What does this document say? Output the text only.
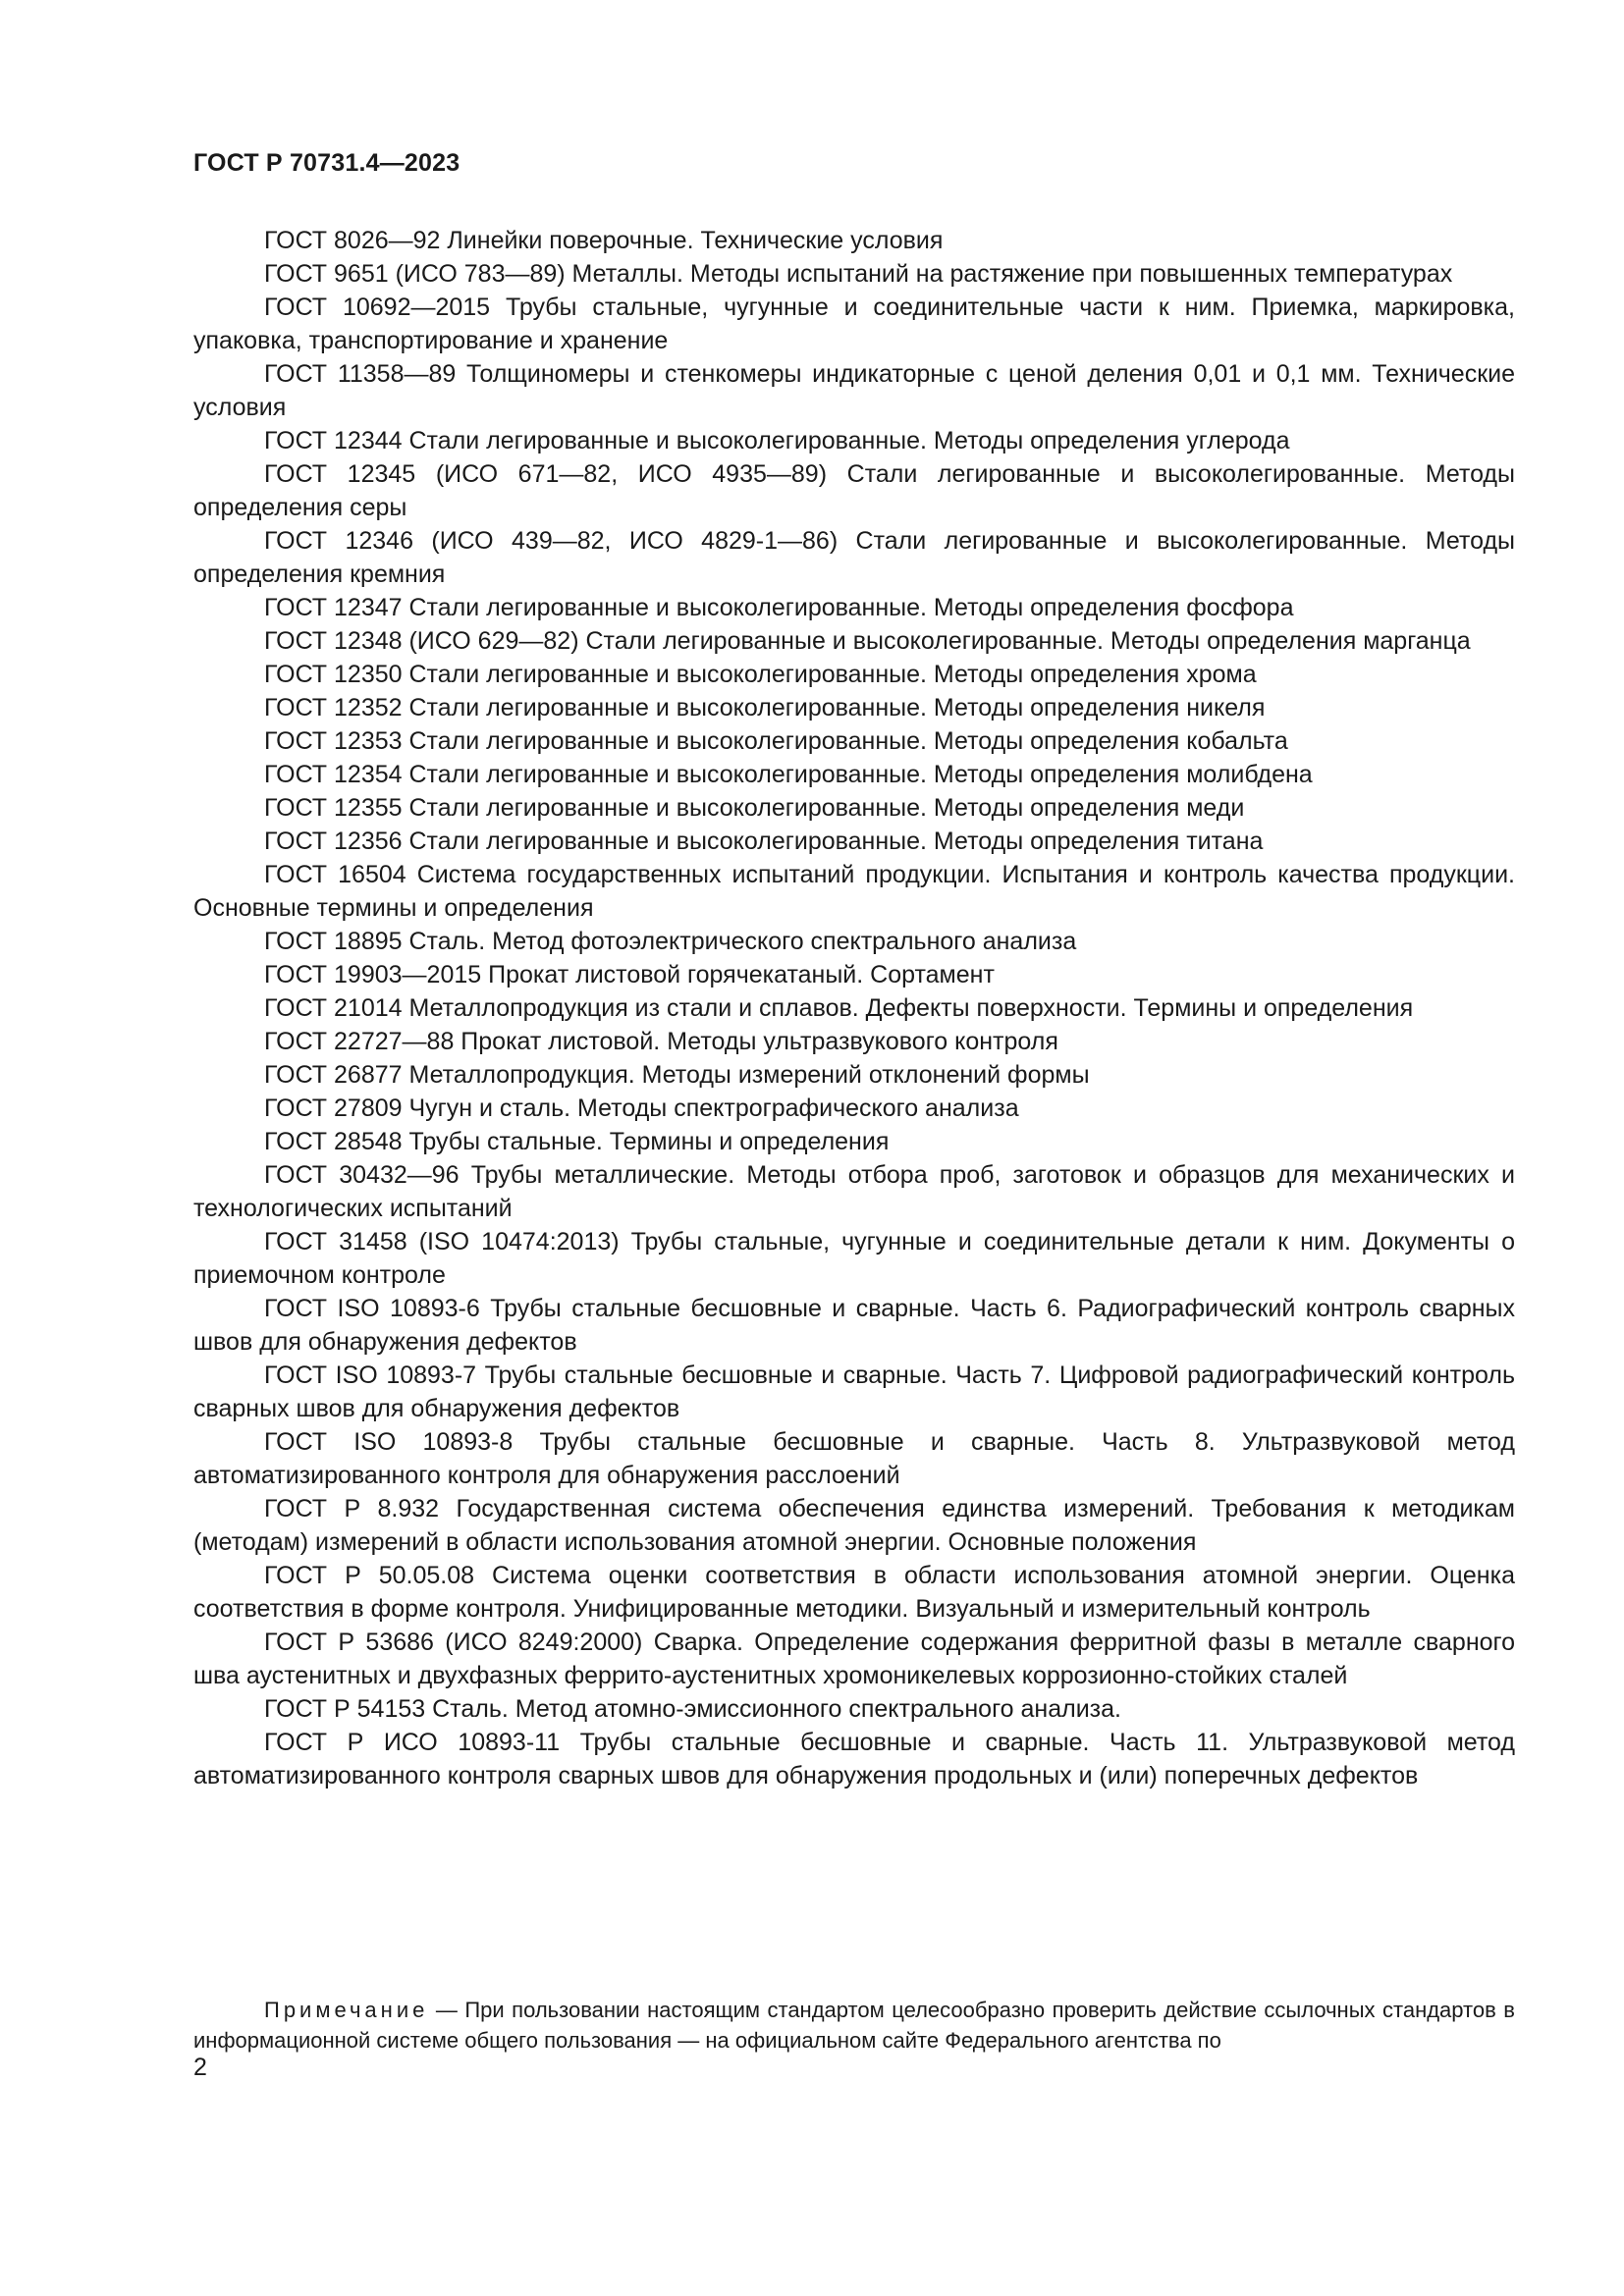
ГОСТ Р 70731.4—2023

ГОСТ 8026—92 Линейки поверочные. Технические условия

ГОСТ 9651 (ИСО 783—89) Металлы. Методы испытаний на растяжение при повышенных температурах

ГОСТ 10692—2015 Трубы стальные, чугунные и соединительные части к ним. Приемка, маркировка, упаковка, транспортирование и хранение

ГОСТ 11358—89 Толщиномеры и стенкомеры индикаторные с ценой деления 0,01 и 0,1 мм. Технические условия

ГОСТ 12344 Стали легированные и высоколегированные. Методы определения углерода

ГОСТ 12345 (ИСО 671—82, ИСО 4935—89) Стали легированные и высоколегированные. Методы определения серы

ГОСТ 12346 (ИСО 439—82, ИСО 4829-1—86) Стали легированные и высоколегированные. Методы определения кремния

ГОСТ 12347 Стали легированные и высоколегированные. Методы определения фосфора

ГОСТ 12348 (ИСО 629—82) Стали легированные и высоколегированные. Методы определения марганца

ГОСТ 12350 Стали легированные и высоколегированные. Методы определения хрома

ГОСТ 12352 Стали легированные и высоколегированные. Методы определения никеля

ГОСТ 12353 Стали легированные и высоколегированные. Методы определения кобальта

ГОСТ 12354 Стали легированные и высоколегированные. Методы определения молибдена

ГОСТ 12355 Стали легированные и высоколегированные. Методы определения меди

ГОСТ 12356 Стали легированные и высоколегированные. Методы определения титана

ГОСТ 16504 Система государственных испытаний продукции. Испытания и контроль качества продукции. Основные термины и определения

ГОСТ 18895 Сталь. Метод фотоэлектрического спектрального анализа

ГОСТ 19903—2015 Прокат листовой горячекатаный. Сортамент

ГОСТ 21014 Металлопродукция из стали и сплавов. Дефекты поверхности. Термины и определения

ГОСТ 22727—88 Прокат листовой. Методы ультразвукового контроля

ГОСТ 26877 Металлопродукция. Методы измерений отклонений формы

ГОСТ 27809 Чугун и сталь. Методы спектрографического анализа

ГОСТ 28548 Трубы стальные. Термины и определения

ГОСТ 30432—96 Трубы металлические. Методы отбора проб, заготовок и образцов для механических и технологических испытаний

ГОСТ 31458 (ISO 10474:2013) Трубы стальные, чугунные и соединительные детали к ним. Документы о приемочном контроле

ГОСТ ISO 10893-6 Трубы стальные бесшовные и сварные. Часть 6. Радиографический контроль сварных швов для обнаружения дефектов

ГОСТ ISO 10893-7 Трубы стальные бесшовные и сварные. Часть 7. Цифровой радиографический контроль сварных швов для обнаружения дефектов

ГОСТ ISO 10893-8 Трубы стальные бесшовные и сварные. Часть 8. Ультразвуковой метод автоматизированного контроля для обнаружения расслоений

ГОСТ Р 8.932 Государственная система обеспечения единства измерений. Требования к методикам (методам) измерений в области использования атомной энергии. Основные положения

ГОСТ Р 50.05.08 Система оценки соответствия в области использования атомной энергии. Оценка соответствия в форме контроля. Унифицированные методики. Визуальный и измерительный контроль

ГОСТ Р 53686 (ИСО 8249:2000) Сварка. Определение содержания ферритной фазы в металле сварного шва аустенитных и двухфазных феррито-аустенитных хромоникелевых коррозионно-стойких сталей

ГОСТ Р 54153 Сталь. Метод атомно-эмиссионного спектрального анализа.

ГОСТ Р ИСО 10893-11 Трубы стальные бесшовные и сварные. Часть 11. Ультразвуковой метод автоматизированного контроля сварных швов для обнаружения продольных и (или) поперечных дефектов

Примечание — При пользовании настоящим стандартом целесообразно проверить действие ссылочных стандартов в информационной системе общего пользования — на официальном сайте Федерального агентства по

2
